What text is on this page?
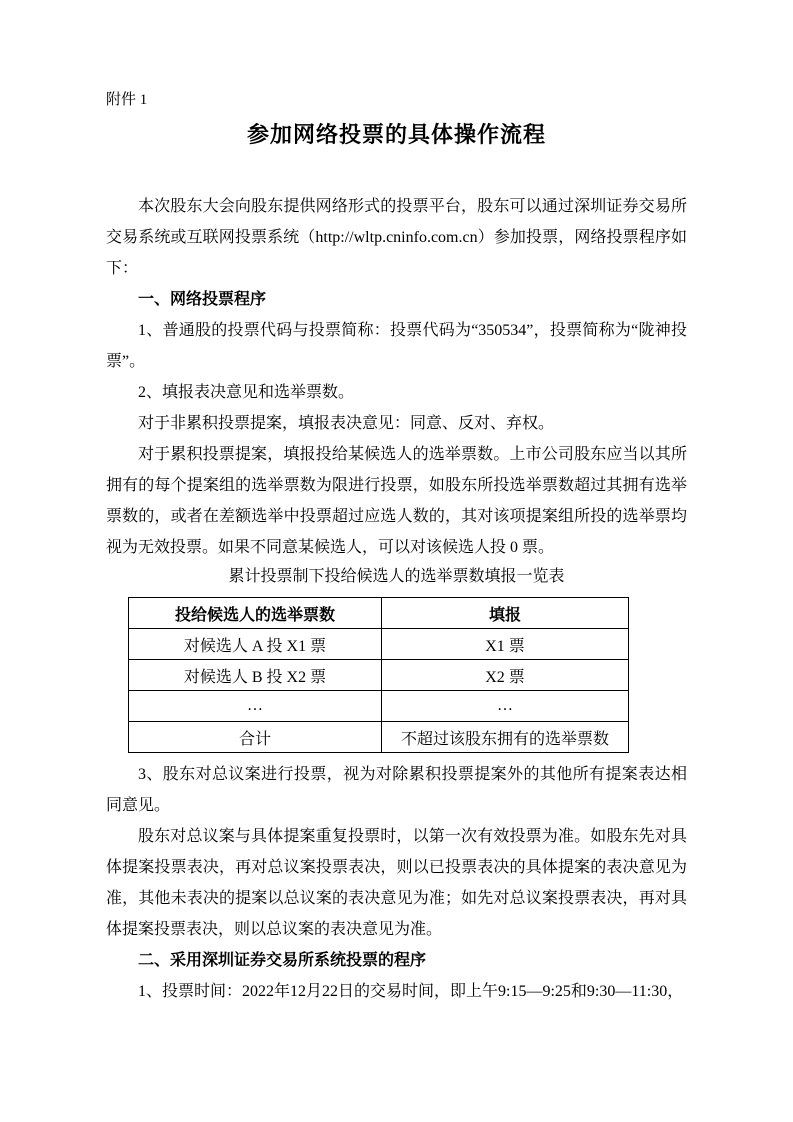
附件 1

参加网络投票的具体操作流程

本次股东大会向股东提供网络形式的投票平台，股东可以通过深圳证券交易所交易系统或互联网投票系统（http://wltp.cninfo.com.cn）参加投票，网络投票程序如下：

一、网络投票程序

1、普通股的投票代码与投票简称：投票代码为“350534”，投票简称为“陇神投票”。

2、填报表决意见和选举票数。

对于非累积投票提案，填报表决意见：同意、反对、弃权。

对于累积投票提案，填报投给某候选人的选举票数。上市公司股东应当以其所拥有的每个提案组的选举票数为限进行投票，如股东所投选举票数超过其拥有选举票数的，或者在差额选举中投票超过应选人数的，其对该项提案组所投的选举票均视为无效投票。如果不同意某候选人，可以对该候选人投 0 票。

累计投票制下投给候选人的选举票数填报一览表

投给候选人的选举票数	填报
对候选人 A 投 X1 票	X1 票
对候选人 B 投 X2 票	X2 票
…	…
合计	不超过该股东拥有的选举票数

3、股东对总议案进行投票，视为对除累积投票提案外的其他所有提案表达相同意见。

股东对总议案与具体提案重复投票时，以第一次有效投票为准。如股东先对具体提案投票表决，再对总议案投票表决，则以已投票表决的具体提案的表决意见为准，其他未表决的提案以总议案的表决意见为准；如先对总议案投票表决，再对具体提案投票表决，则以总议案的表决意见为准。

二、采用深圳证券交易所系统投票的程序

1、投票时间：2022年12月22日的交易时间，即上午9:15—9:25和9:30—11:30，
